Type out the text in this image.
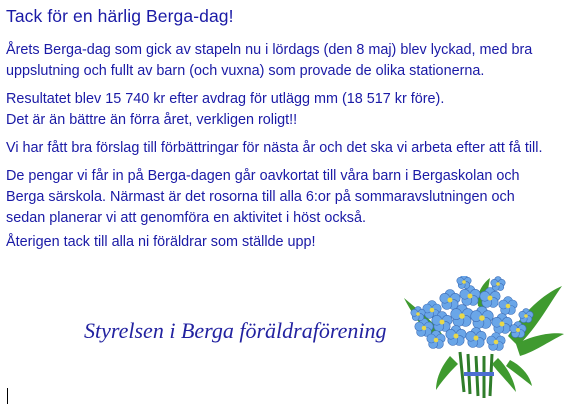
Tack för en härlig Berga-dag!
Årets Berga-dag som gick av stapeln nu i lördags (den 8 maj) blev lyckad, med bra
uppslutning och fullt av barn (och vuxna) som provade de olika stationerna.
Resultatet blev 15 740 kr efter avdrag för utlägg mm (18 517 kr före).
Det är än bättre än förra året, verkligen roligt!!
Vi har fått bra förslag till förbättringar för nästa år och det ska vi arbeta efter att få till.
De pengar vi får in på Berga-dagen går oavkortat till våra barn i Bergaskolan och
Berga särskola. Närmast är det rosorna till alla 6:or på sommaravslutningen och
sedan planerar vi att genomföra en aktivitet i höst också.
Återigen tack till alla ni föräldrar som ställde upp!
Styrelsen i Berga föräldraförening
